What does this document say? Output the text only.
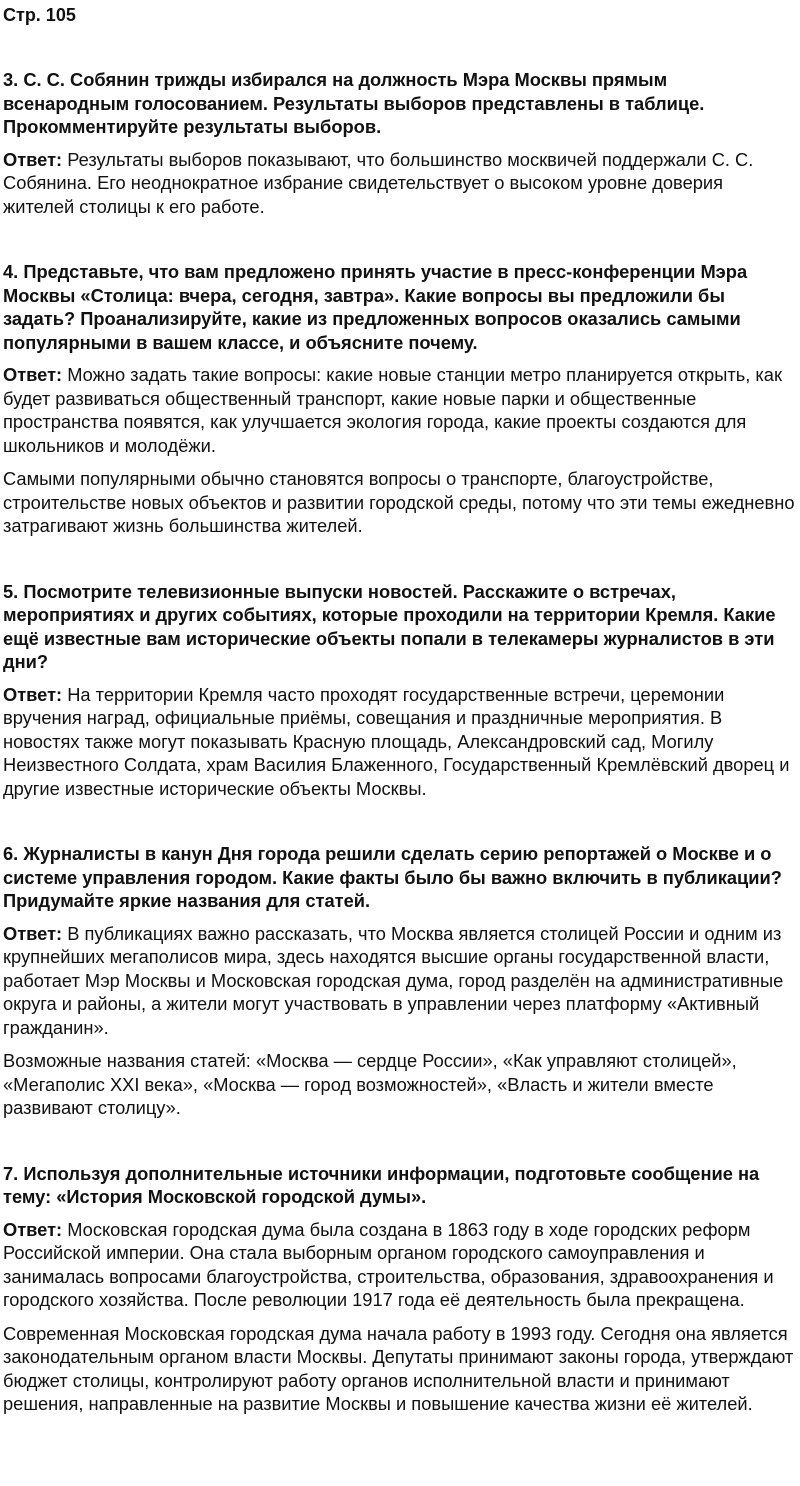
Стр. 105

3. С. С. Собянин трижды избирался на должность Мэра Москвы прямым всенародным голосованием. Результаты выборов представлены в таблице. Прокомментируйте результаты выборов.

Ответ: Результаты выборов показывают, что большинство москвичей поддержали С. С. Собянина. Его неоднократное избрание свидетельствует о высоком уровне доверия жителей столицы к его работе.

4. Представьте, что вам предложено принять участие в пресс-конференции Мэра Москвы «Столица: вчера, сегодня, завтра». Какие вопросы вы предложили бы задать? Проанализируйте, какие из предложенных вопросов оказались самыми популярными в вашем классе, и объясните почему.

Ответ: Можно задать такие вопросы: какие новые станции метро планируется открыть, как будет развиваться общественный транспорт, какие новые парки и общественные пространства появятся, как улучшается экология города, какие проекты создаются для школьников и молодёжи.

Самыми популярными обычно становятся вопросы о транспорте, благоустройстве, строительстве новых объектов и развитии городской среды, потому что эти темы ежедневно затрагивают жизнь большинства жителей.

5. Посмотрите телевизионные выпуски новостей. Расскажите о встречах, мероприятиях и других событиях, которые проходили на территории Кремля. Какие ещё известные вам исторические объекты попали в телекамеры журналистов в эти дни?

Ответ: На территории Кремля часто проходят государственные встречи, церемонии вручения наград, официальные приёмы, совещания и праздничные мероприятия. В новостях также могут показывать Красную площадь, Александровский сад, Могилу Неизвестного Солдата, храм Василия Блаженного, Государственный Кремлёвский дворец и другие известные исторические объекты Москвы.

6. Журналисты в канун Дня города решили сделать серию репортажей о Москве и о системе управления городом. Какие факты было бы важно включить в публикации? Придумайте яркие названия для статей.

Ответ: В публикациях важно рассказать, что Москва является столицей России и одним из крупнейших мегаполисов мира, здесь находятся высшие органы государственной власти, работает Мэр Москвы и Московская городская дума, город разделён на административные округа и районы, а жители могут участвовать в управлении через платформу «Активный гражданин».

Возможные названия статей: «Москва — сердце России», «Как управляют столицей», «Мегаполис XXI века», «Москва — город возможностей», «Власть и жители вместе развивают столицу».

7. Используя дополнительные источники информации, подготовьте сообщение на тему: «История Московской городской думы».

Ответ: Московская городская дума была создана в 1863 году в ходе городских реформ Российской империи. Она стала выборным органом городского самоуправления и занималась вопросами благоустройства, строительства, образования, здравоохранения и городского хозяйства. После революции 1917 года её деятельность была прекращена.

Современная Московская городская дума начала работу в 1993 году. Сегодня она является законодательным органом власти Москвы. Депутаты принимают законы города, утверждают бюджет столицы, контролируют работу органов исполнительной власти и принимают решения, направленные на развитие Москвы и повышение качества жизни её жителей.
